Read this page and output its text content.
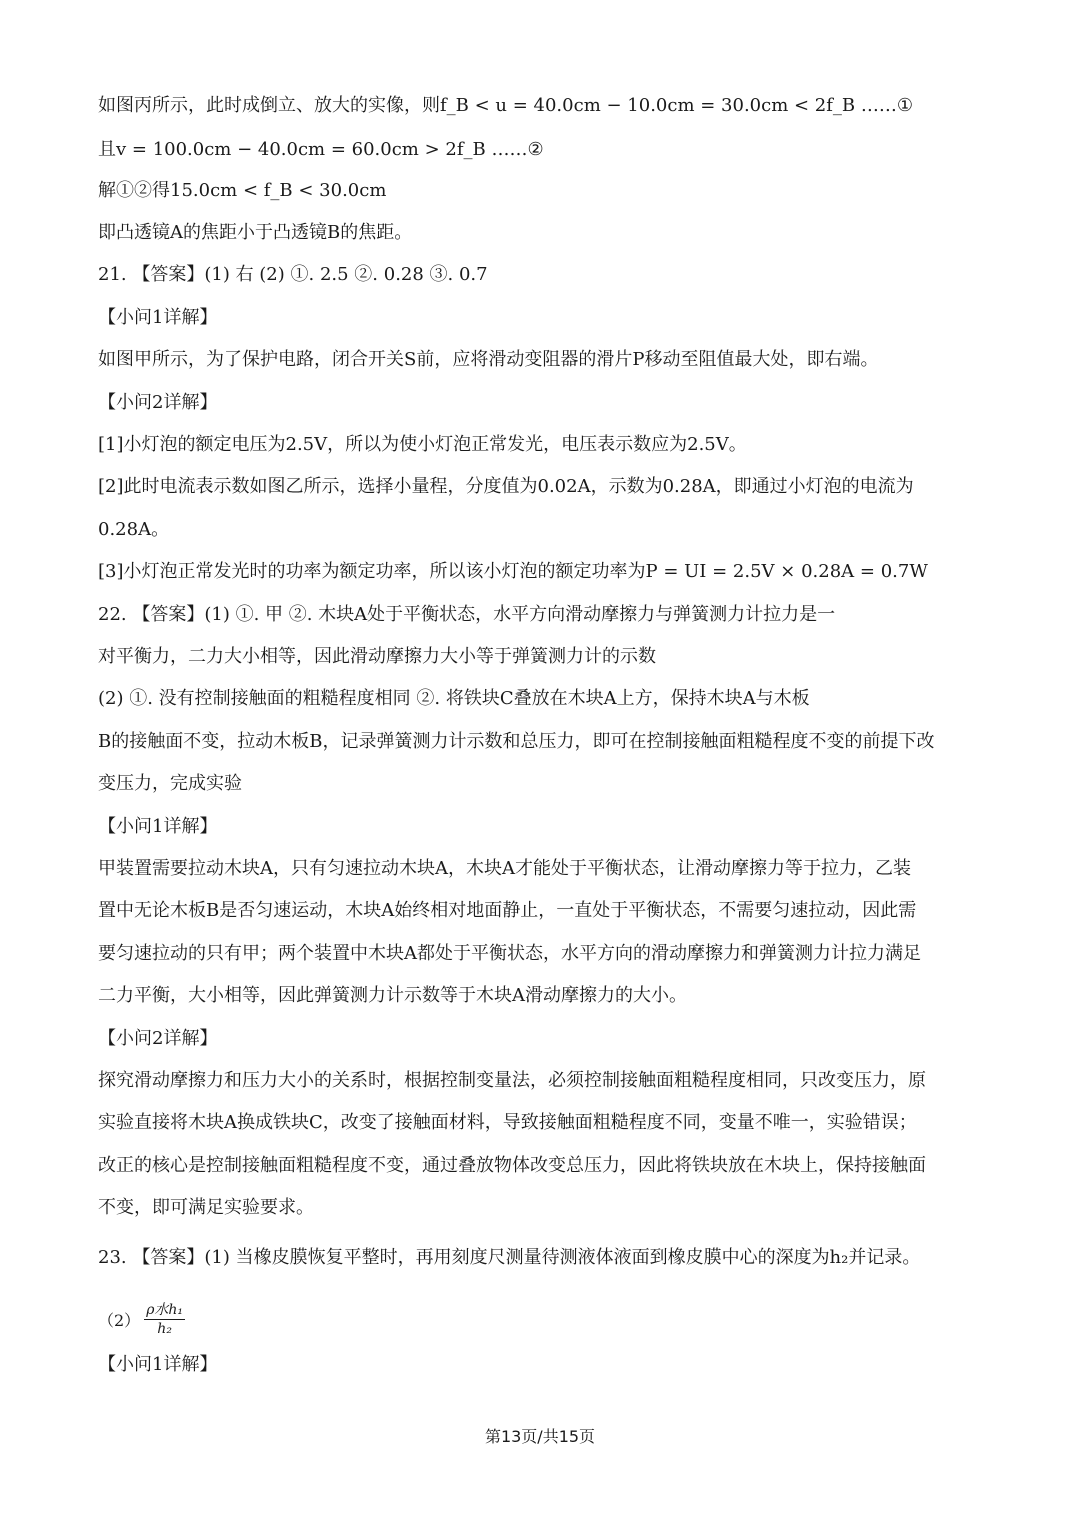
如图丙所示，此时成倒立、放大的实像，则f_B < u = 40.0cm − 10.0cm = 30.0cm < 2f_B ……①
且v = 100.0cm − 40.0cm = 60.0cm > 2f_B ……②
解①②得15.0cm < f_B < 30.0cm
即凸透镜A的焦距小于凸透镜B的焦距。
21. 【答案】(1) 右 (2) ①. 2.5 ②. 0.28 ③. 0.7
【小问1详解】
如图甲所示，为了保护电路，闭合开关S前，应将滑动变阻器的滑片P移动至阻值最大处，即右端。
【小问2详解】
[1]小灯泡的额定电压为2.5V，所以为使小灯泡正常发光，电压表示数应为2.5V。
[2]此时电流表示数如图乙所示，选择小量程，分度值为0.02A，示数为0.28A，即通过小灯泡的电流为
0.28A。
[3]小灯泡正常发光时的功率为额定功率，所以该小灯泡的额定功率为P = UI = 2.5V × 0.28A = 0.7W
22. 【答案】(1) ①. 甲 ②. 木块A处于平衡状态，水平方向滑动摩擦力与弹簧测力计拉力是一
对平衡力，二力大小相等，因此滑动摩擦力大小等于弹簧测力计的示数
(2) ①. 没有控制接触面的粗糙程度相同 ②. 将铁块C叠放在木块A上方，保持木块A与木板
B的接触面不变，拉动木板B，记录弹簧测力计示数和总压力，即可在控制接触面粗糙程度不变的前提下改
变压力，完成实验
【小问1详解】
甲装置需要拉动木块A，只有匀速拉动木块A，木块A才能处于平衡状态，让滑动摩擦力等于拉力，乙装
置中无论木板B是否匀速运动，木块A始终相对地面静止，一直处于平衡状态，不需要匀速拉动，因此需
要匀速拉动的只有甲；两个装置中木块A都处于平衡状态，水平方向的滑动摩擦力和弹簧测力计拉力满足
二力平衡，大小相等，因此弹簧测力计示数等于木块A滑动摩擦力的大小。
【小问2详解】
探究滑动摩擦力和压力大小的关系时，根据控制变量法，必须控制接触面粗糙程度相同，只改变压力，原
实验直接将木块A换成铁块C，改变了接触面材料，导致接触面粗糙程度不同，变量不唯一，实验错误；
改正的核心是控制接触面粗糙程度不变，通过叠放物体改变总压力，因此将铁块放在木块上，保持接触面
不变，即可满足实验要求。
23. 【答案】(1) 当橡皮膜恢复平整时，再用刻度尺测量待测液体液面到橡皮膜中心的深度为h₂并记录。
$(2) \frac{\text{ρ水h₁}}{\text{h₂}}$
【小问1详解】
第13页/共15页
